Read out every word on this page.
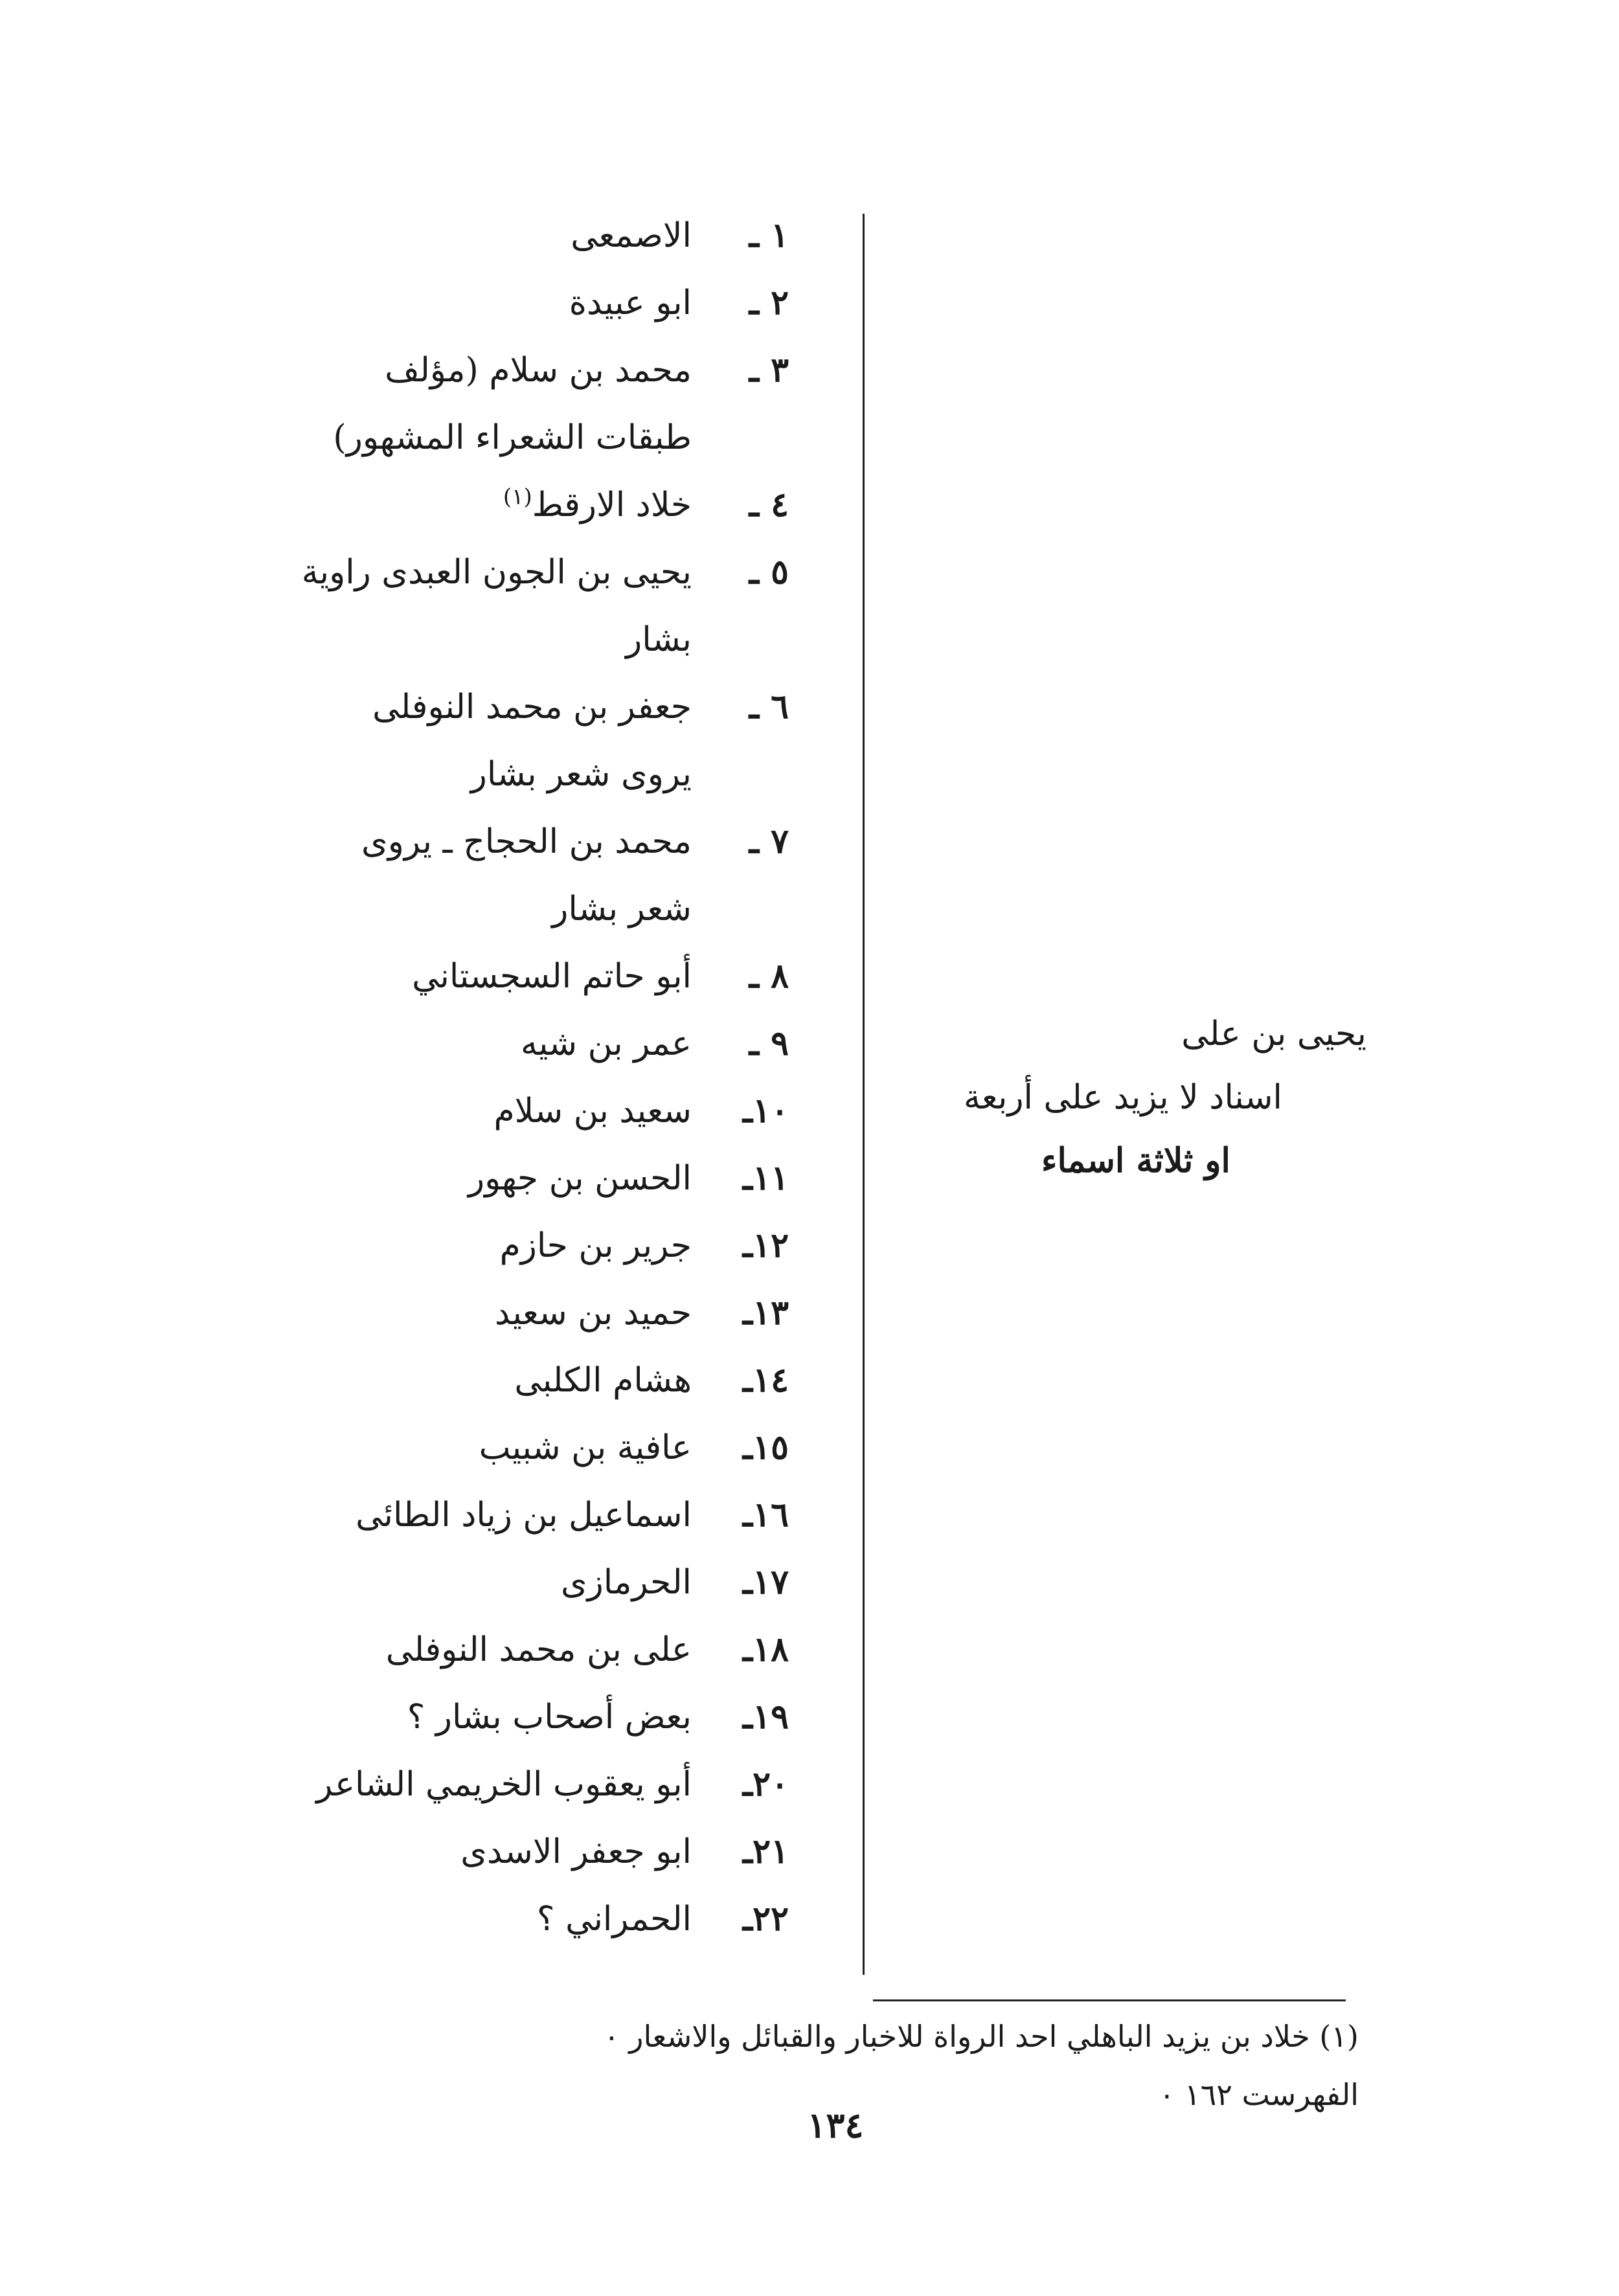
١ ـ
الاصمعى
٢ ـ
ابو عبيدة
٣ ـ
محمد بن سلام (مؤلف طبقات الشعراء المشهور)
٤ ـ
خلاد الارقط$^{(١)}$
٥ ـ
يحيى بن الجون العبدى راوية بشار
٦ ـ
جعفر بن محمد النوفلى يروى شعر بشار
٧ ـ
محمد بن الحجاج ـ يروى شعر بشار
٨ ـ
أبو حاتم السجستاني
٩ ـ
عمر بن شيه
١٠ـ
سعيد بن سلام
١١ـ
الحسن بن جهور
١٢ـ
جرير بن حازم
١٣ـ
حميد بن سعيد
١٤ـ
هشام الكلبى
١٥ـ
عافية بن شبيب
١٦ـ
اسماعيل بن زياد الطائى
١٧ـ
الحرمازى
١٨ـ
على بن محمد النوفلى
١٩ـ
بعض أصحاب بشار ؟
٢٠ـ
أبو يعقوب الخريمي الشاعر
٢١ـ
ابو جعفر الاسدى
٢٢ـ
الحمراني ؟
يحيى بن على
اسناد لا يزيد على أربعة
او ثلاثة اسماء
(١) خلاد بن يزيد الباهلي احد الرواة للاخبار والقبائل والاشعار ٠
الفهرست ١٦٢ ٠
١٣٤
